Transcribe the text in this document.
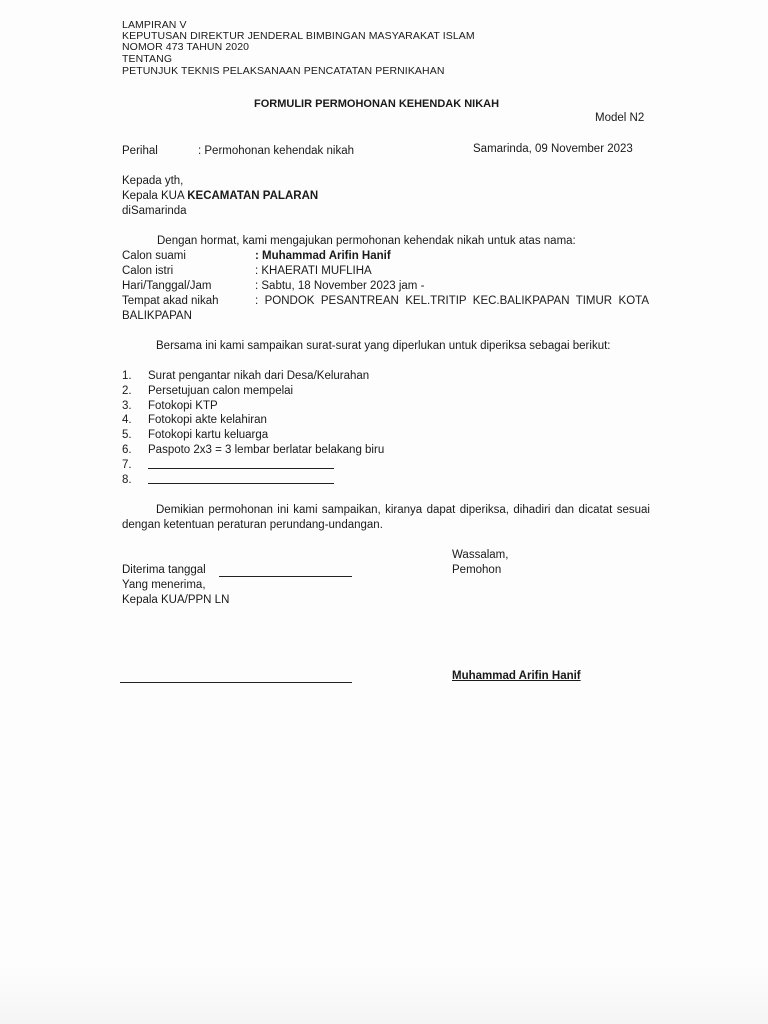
LAMPIRAN V
KEPUTUSAN DIREKTUR JENDERAL BIMBINGAN MASYARAKAT ISLAM
NOMOR 473 TAHUN 2020
TENTANG
PETUNJUK TEKNIS PELAKSANAAN PENCATATAN PERNIKAHAN
FORMULIR PERMOHONAN KEHENDAK NIKAH
Model N2
Perihal	: Permohonan kehendak nikah	Samarinda, 09 November 2023
Kepada yth,
Kepala KUA KECAMATAN PALARAN
diSamarinda
Dengan hormat, kami mengajukan permohonan kehendak nikah untuk atas nama:
Calon suami	: Muhammad Arifin Hanif
Calon istri	: KHAERATI MUFLIHA
Hari/Tanggal/Jam	: Sabtu, 18 November 2023 jam -
Tempat akad nikah	: PONDOK PESANTREAN KEL.TRITIP KEC.BALIKPAPAN TIMUR KOTA
BALIKPAPAN
Bersama ini kami sampaikan surat-surat yang diperlukan untuk diperiksa sebagai berikut:
1.	Surat pengantar nikah dari Desa/Kelurahan
2.	Persetujuan calon mempelai
3.	Fotokopi KTP
4.	Fotokopi akte kelahiran
5.	Fotokopi kartu keluarga
6.	Paspoto 2x3 = 3 lembar berlatar belakang biru
7.
8.
Demikian permohonan ini kami sampaikan, kiranya dapat diperiksa, dihadiri dan dicatat sesuai dengan ketentuan peraturan perundang-undangan.
Wassalam,
Pemohon
Diterima tanggal
Yang menerima,
Kepala KUA/PPN LN
Muhammad Arifin Hanif
